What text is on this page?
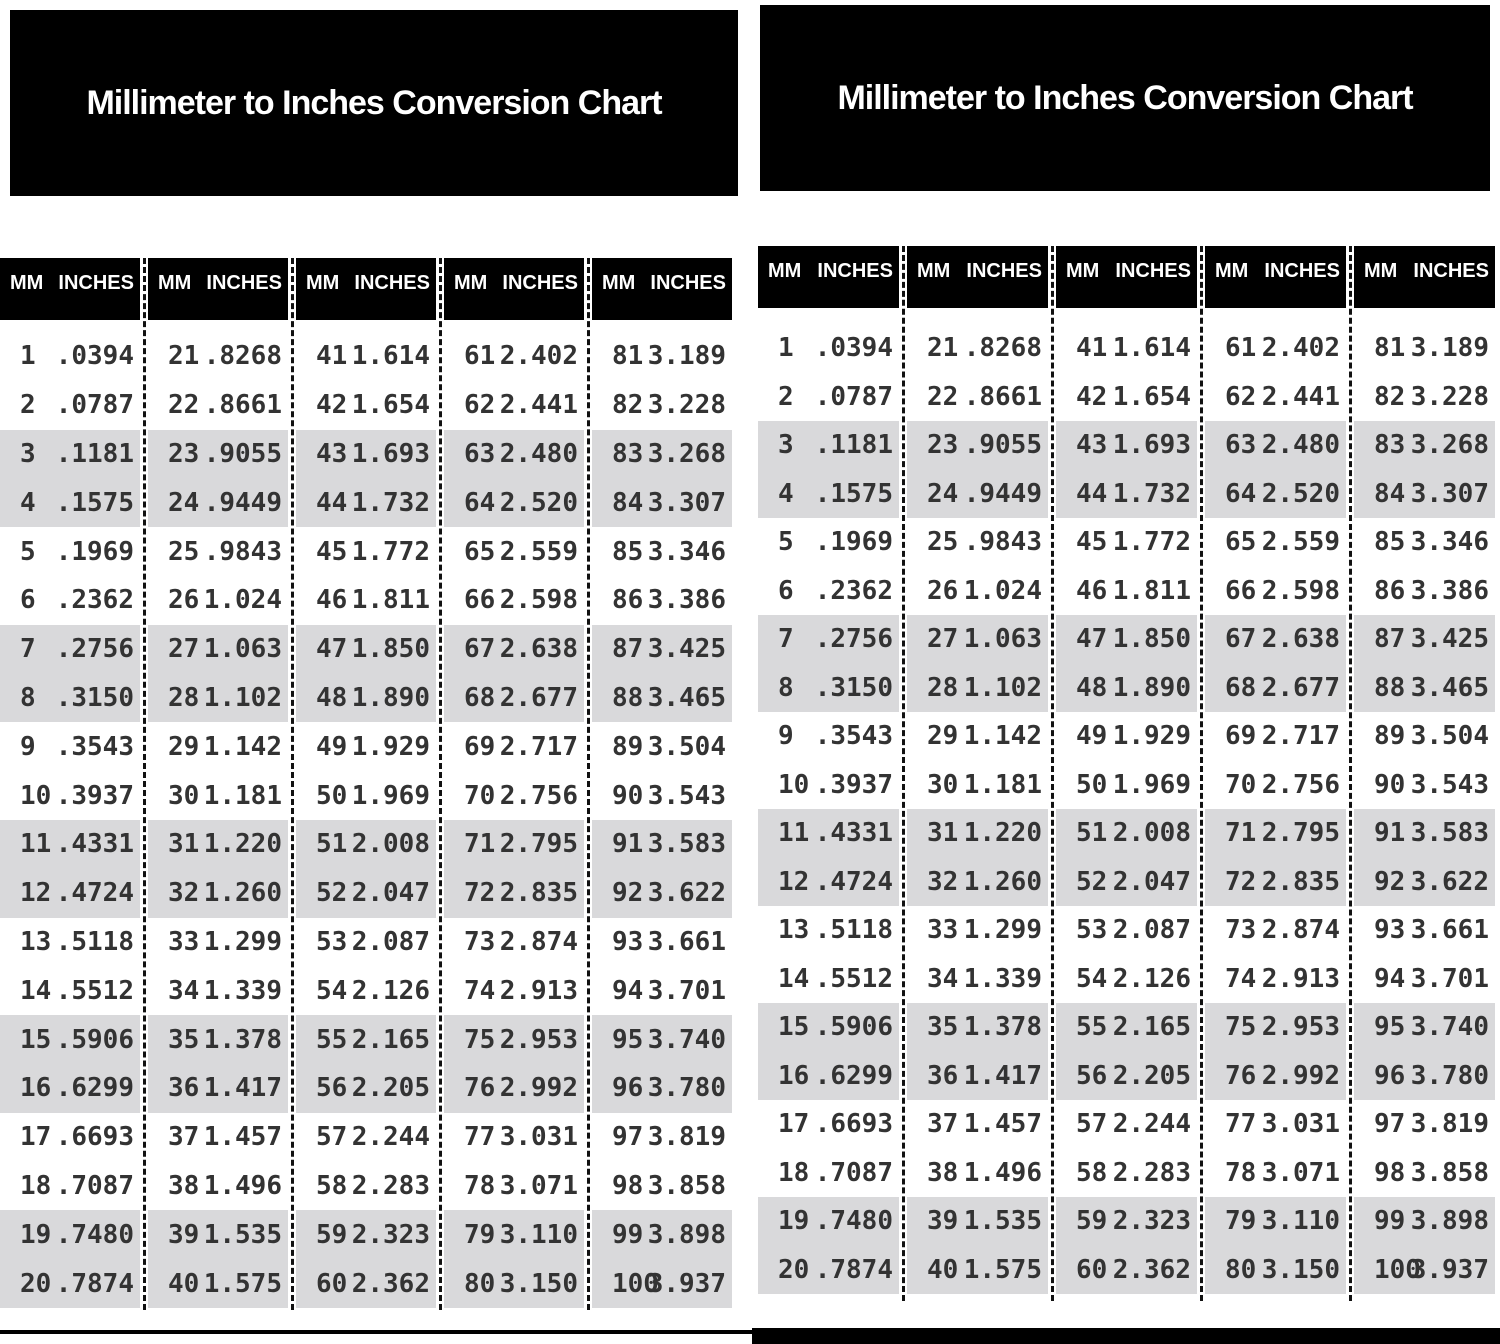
Millimeter to Inches Conversion Chart
MM INCHES
1 .0394
2 .0787
3 .1181
4 .1575
5 .1969
6 .2362
7 .2756
8 .3150
9 .3543
10 .3937
11 .4331
12 .4724
13 .5118
14 .5512
15 .5906
16 .6299
17 .6693
18 .7087
19 .7480
20 .7874
MM INCHES
21 .8268
22 .8661
23 .9055
24 .9449
25 .9843
26 1.024
27 1.063
28 1.102
29 1.142
30 1.181
31 1.220
32 1.260
33 1.299
34 1.339
35 1.378
36 1.417
37 1.457
38 1.496
39 1.535
40 1.575
MM INCHES
41 1.614
42 1.654
43 1.693
44 1.732
45 1.772
46 1.811
47 1.850
48 1.890
49 1.929
50 1.969
51 2.008
52 2.047
53 2.087
54 2.126
55 2.165
56 2.205
57 2.244
58 2.283
59 2.323
60 2.362
MM INCHES
61 2.402
62 2.441
63 2.480
64 2.520
65 2.559
66 2.598
67 2.638
68 2.677
69 2.717
70 2.756
71 2.795
72 2.835
73 2.874
74 2.913
75 2.953
76 2.992
77 3.031
78 3.071
79 3.110
80 3.150
MM INCHES
81 3.189
82 3.228
83 3.268
84 3.307
85 3.346
86 3.386
87 3.425
88 3.465
89 3.504
90 3.543
91 3.583
92 3.622
93 3.661
94 3.701
95 3.740
96 3.780
97 3.819
98 3.858
99 3.898
100
3.937
Millimeter to Inches Conversion Chart
MM INCHES
1 .0394
2 .0787
3 .1181
4 .1575
5 .1969
6 .2362
7 .2756
8 .3150
9 .3543
10 .3937
11 .4331
12 .4724
13 .5118
14 .5512
15 .5906
16 .6299
17 .6693
18 .7087
19 .7480
20 .7874
MM INCHES
21 .8268
22 .8661
23 .9055
24 .9449
25 .9843
26 1.024
27 1.063
28 1.102
29 1.142
30 1.181
31 1.220
32 1.260
33 1.299
34 1.339
35 1.378
36 1.417
37 1.457
38 1.496
39 1.535
40 1.575
MM INCHES
41 1.614
42 1.654
43 1.693
44 1.732
45 1.772
46 1.811
47 1.850
48 1.890
49 1.929
50 1.969
51 2.008
52 2.047
53 2.087
54 2.126
55 2.165
56 2.205
57 2.244
58 2.283
59 2.323
60 2.362
MM INCHES
61 2.402
62 2.441
63 2.480
64 2.520
65 2.559
66 2.598
67 2.638
68 2.677
69 2.717
70 2.756
71 2.795
72 2.835
73 2.874
74 2.913
75 2.953
76 2.992
77 3.031
78 3.071
79 3.110
80 3.150
MM INCHES
81 3.189
82 3.228
83 3.268
84 3.307
85 3.346
86 3.386
87 3.425
88 3.465
89 3.504
90 3.543
91 3.583
92 3.622
93 3.661
94 3.701
95 3.740
96 3.780
97 3.819
98 3.858
99 3.898
100
3.937
